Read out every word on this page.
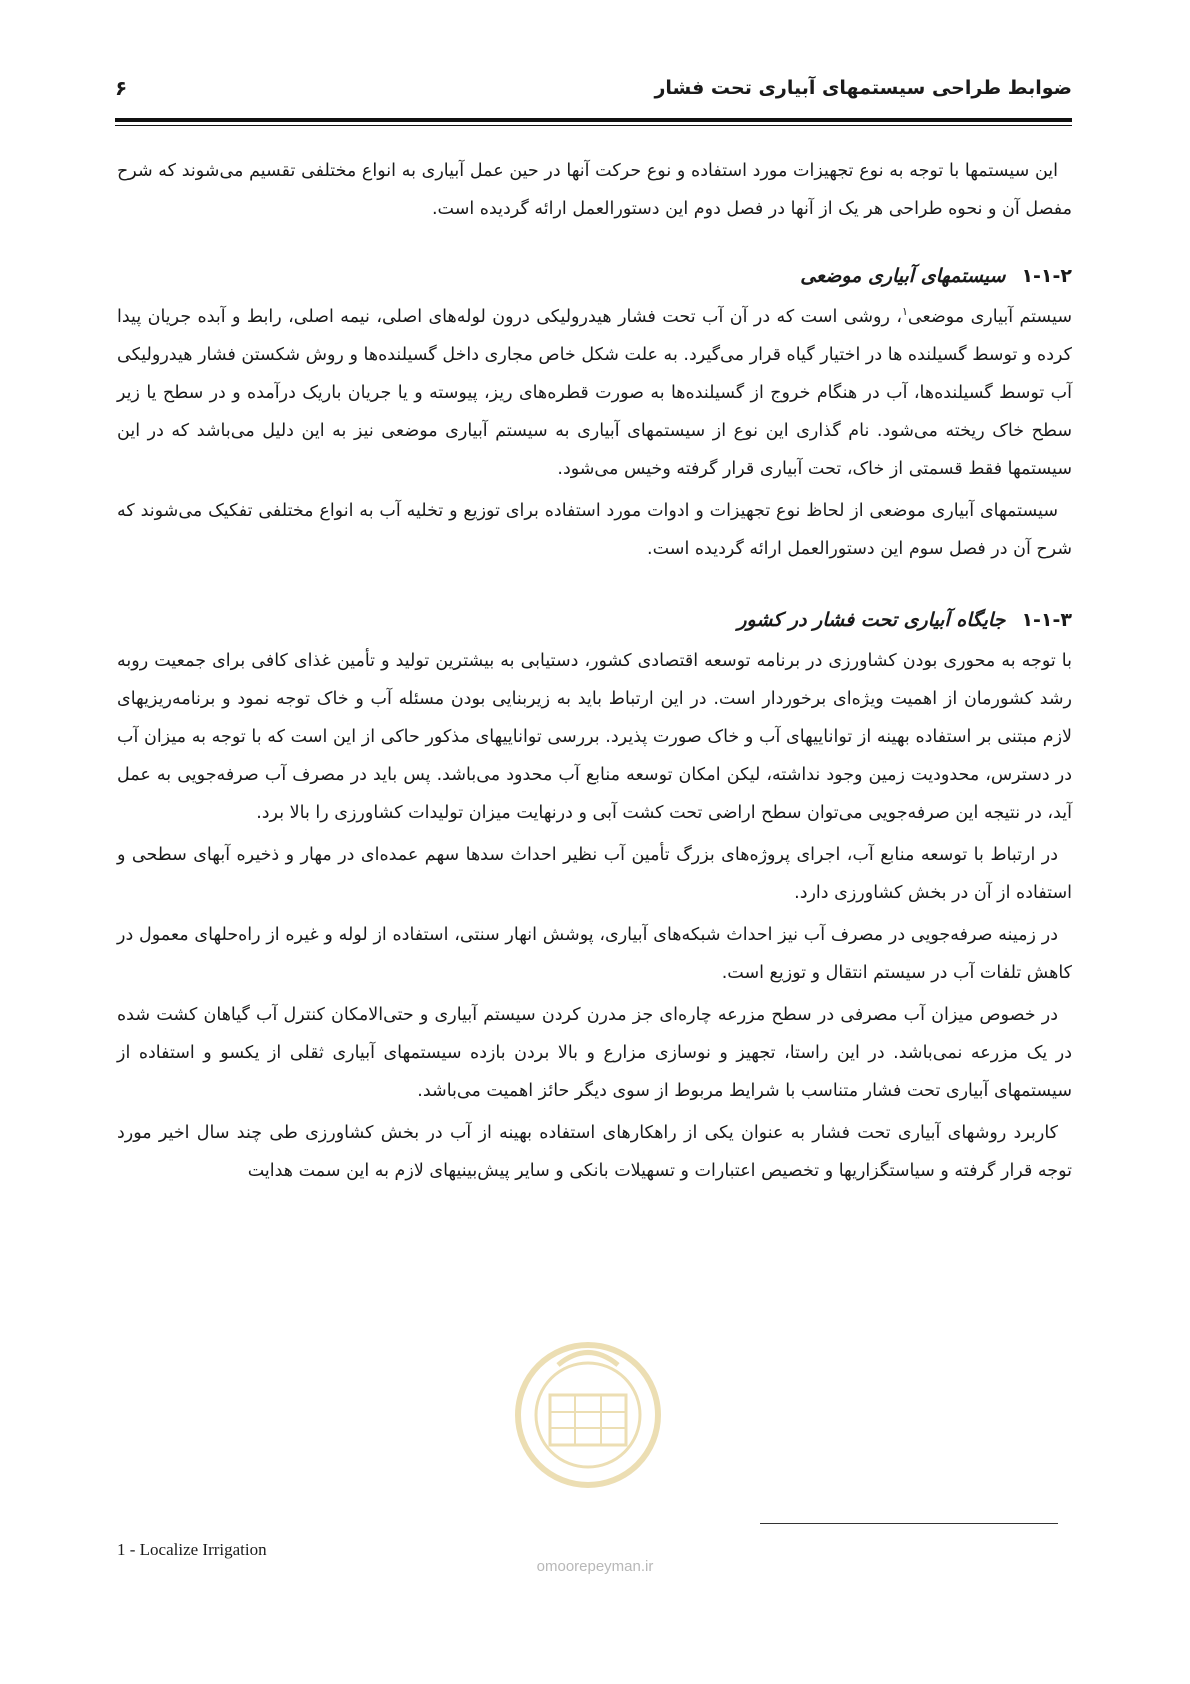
ضوابط طراحی سیستمهای آبیاری تحت فشار
۶

این سیستمها با توجه به نوع تجهیزات مورد استفاده و نوع حرکت آنها در حین عمل آبیاری به انواع مختلفی تقسیم می‌شوند که شرح مفصل آن و نحوه طراحی هر یک از آنها در فصل دوم این دستورالعمل ارائه گردیده است.

۱-۱-۲سیستمهای آبیاری موضعی

سیستم آبیاری موضعی$^۱$، روشی است که در آن آب تحت فشار هیدرولیکی درون لوله‌های اصلی، نیمه اصلی، رابط و آبده جریان پیدا کرده و توسط گسیلنده ها در اختیار گیاه قرار می‌گیرد. به علت شکل خاص مجاری داخل گسیلنده‌ها و روش شکستن فشار هیدرولیکی آب توسط گسیلنده‌ها، آب در هنگام خروج از گسیلنده‌ها به صورت قطره‌های ریز، پیوسته و یا جریان باریک درآمده و در سطح یا زیر سطح خاک ریخته می‌شود. نام گذاری این نوع از سیستمهای آبیاری به سیستم آبیاری موضعی نیز به این دلیل می‌باشد که در این سیستمها فقط قسمتی از خاک، تحت آبیاری قرار گرفته وخیس می‌شود.

سیستمهای آبیاری موضعی از لحاظ نوع تجهیزات و ادوات مورد استفاده برای توزیع و تخلیه آب به انواع مختلفی تفکیک می‌شوند که شرح آن در فصل سوم این دستورالعمل ارائه گردیده است.

۱-۱-۳جایگاه آبیاری تحت فشار در کشور

با توجه به محوری بودن کشاورزی در برنامه توسعه اقتصادی کشور، دستیابی به بیشترین تولید و تأمین غذای کافی برای جمعیت روبه رشد کشورمان از اهمیت ویژه‌ای برخوردار است. در این ارتباط باید به زیربنایی بودن مسئله آب و خاک توجه نمود و برنامه‌ریزیهای لازم مبتنی بر استفاده بهینه از تواناییهای آب و خاک صورت پذیرد. بررسی تواناییهای مذکور حاکی از این است که با توجه به میزان آب در دسترس، محدودیت زمین وجود نداشته، لیکن امکان توسعه منابع آب محدود می‌باشد. پس باید در مصرف آب صرفه‌جویی به عمل آید، در نتیجه این صرفه‌جویی می‌توان سطح اراضی تحت کشت آبی و درنهایت میزان تولیدات کشاورزی را بالا برد.

در ارتباط با توسعه منابع آب، اجرای پروژه‌های بزرگ تأمین آب نظیر احداث سدها سهم عمده‌ای در مهار و ذخیره آبهای سطحی و استفاده از آن در بخش کشاورزی دارد.

در زمینه صرفه‌جویی در مصرف آب نیز احداث شبکه‌های آبیاری، پوشش انهار سنتی، استفاده از لوله و غیره از راه‌حلهای معمول در کاهش تلفات آب در سیستم انتقال و توزیع است.

در خصوص میزان آب مصرفی در سطح مزرعه چاره‌ای جز مدرن کردن سیستم آبیاری و حتی‌الامکان کنترل آب گیاهان کشت شده در یک مزرعه نمی‌باشد. در این راستا، تجهیز و نوسازی مزارع و بالا بردن بازده سیستمهای آبیاری ثقلی از یکسو و استفاده از سیستمهای آبیاری تحت فشار متناسب با شرایط مربوط از سوی دیگر حائز اهمیت می‌باشد.

کاربرد روشهای آبیاری تحت فشار به عنوان یکی از راهکارهای استفاده بهینه از آب در بخش کشاورزی طی چند سال اخیر مورد توجه قرار گرفته و سیاستگزاریها و تخصیص اعتبارات و تسهیلات بانکی و سایر پیش‌بینیهای لازم به این سمت هدایت

omoorepeyman.ir
1 - Localize Irrigation
